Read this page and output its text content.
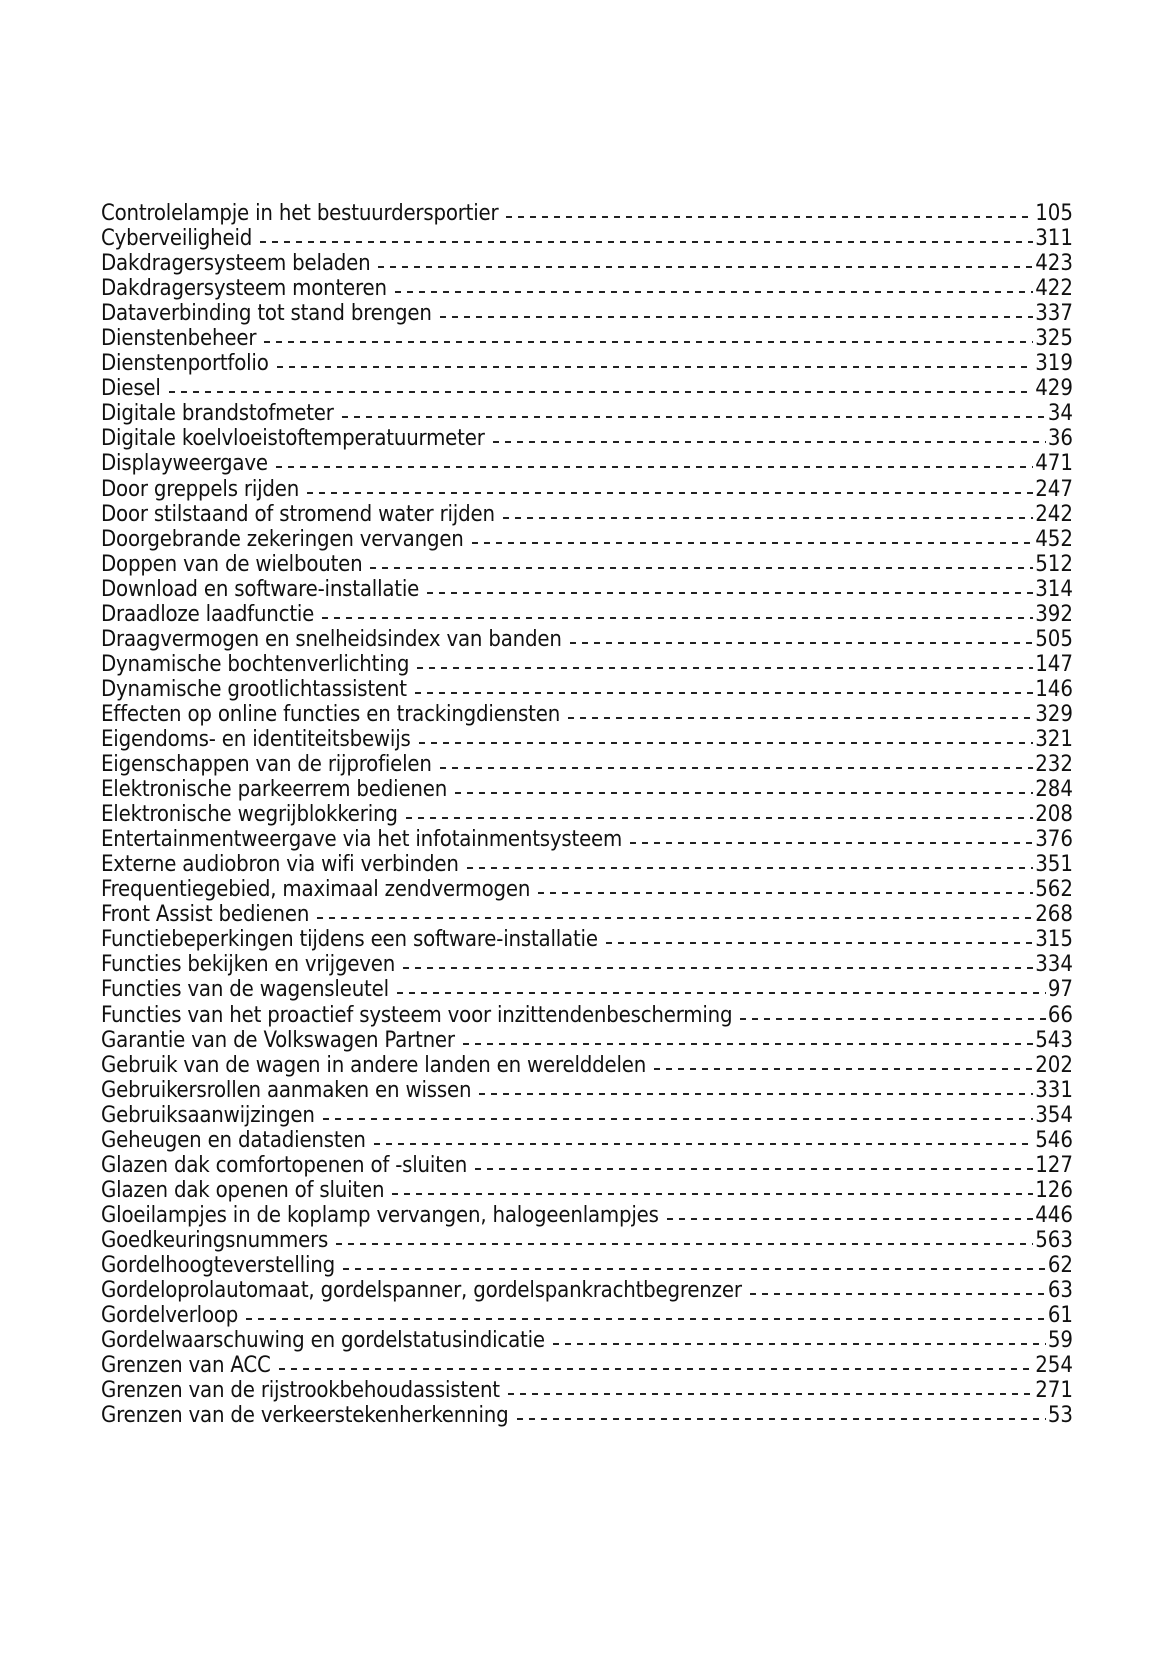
Controlelampje in het bestuurdersportier	105
Cyberveiligheid	311
Dakdragersysteem beladen	423
Dakdragersysteem monteren	422
Dataverbinding tot stand brengen	337
Dienstenbeheer	325
Dienstenportfolio	319
Diesel	429
Digitale brandstofmeter	34
Digitale koelvloeistoftemperatuurmeter	36
Displayweergave	471
Door greppels rijden	247
Door stilstaand of stromend water rijden	242
Doorgebrande zekeringen vervangen	452
Doppen van de wielbouten	512
Download en software-installatie	314
Draadloze laadfunctie	392
Draagvermogen en snelheidsindex van banden	505
Dynamische bochtenverlichting	147
Dynamische grootlichtassistent	146
Effecten op online functies en trackingdiensten	329
Eigendoms- en identiteitsbewijs	321
Eigenschappen van de rijprofielen	232
Elektronische parkeerrem bedienen	284
Elektronische wegrijblokkering	208
Entertainmentweergave via het infotainmentsysteem	376
Externe audiobron via wifi verbinden	351
Frequentiegebied, maximaal zendvermogen	562
Front Assist bedienen	268
Functiebeperkingen tijdens een software-installatie	315
Functies bekijken en vrijgeven	334
Functies van de wagensleutel	97
Functies van het proactief systeem voor inzittendenbescherming	66
Garantie van de Volkswagen Partner	543
Gebruik van de wagen in andere landen en werelddelen	202
Gebruikersrollen aanmaken en wissen	331
Gebruiksaanwijzingen	354
Geheugen en datadiensten	546
Glazen dak comfortopenen of -sluiten	127
Glazen dak openen of sluiten	126
Gloeilampjes in de koplamp vervangen, halogeenlampjes	446
Goedkeuringsnummers	563
Gordelhoogteverstelling	62
Gordeloprolautomaat, gordelspanner, gordelspankrachtbegrenzer	63
Gordelverloop	61
Gordelwaarschuwing en gordelstatusindicatie	59
Grenzen van ACC	254
Grenzen van de rijstrookbehoudassistent	271
Grenzen van de verkeerstekenherkenning	53
